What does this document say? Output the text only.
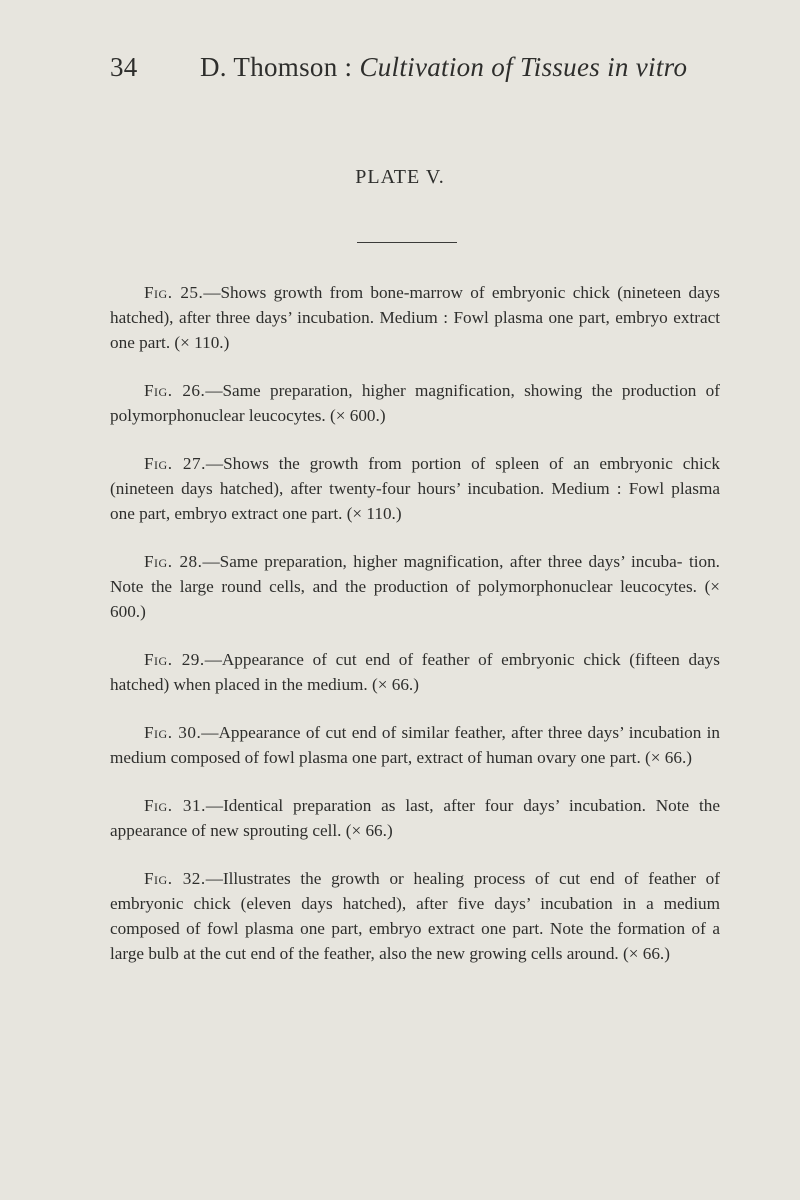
34 D. Thomson : Cultivation of Tissues in vitro
PLATE V.

Fig. 25.—Shows growth from bone-marrow of embryonic chick (nineteen days hatched), after three days’ incubation. Medium : Fowl plasma one part, embryo extract one part. (× 110.)

Fig. 26.—Same preparation, higher magnification, showing the production of polymorphonuclear leucocytes. (× 600.)

Fig. 27.—Shows the growth from portion of spleen of an embryonic chick (nineteen days hatched), after twenty-four hours’ incubation. Medium : Fowl plasma one part, embryo extract one part. (× 110.)

Fig. 28.—Same preparation, higher magnification, after three days’ incuba- tion. Note the large round cells, and the production of polymorphonuclear leucocytes. (× 600.)

Fig. 29.—Appearance of cut end of feather of embryonic chick (fifteen days hatched) when placed in the medium. (× 66.)

Fig. 30.—Appearance of cut end of similar feather, after three days’ incubation in medium composed of fowl plasma one part, extract of human ovary one part. (× 66.)

Fig. 31.—Identical preparation as last, after four days’ incubation. Note the appearance of new sprouting cell. (× 66.)

Fig. 32.—Illustrates the growth or healing process of cut end of feather of embryonic chick (eleven days hatched), after five days’ incubation in a medium composed of fowl plasma one part, embryo extract one part. Note the formation of a large bulb at the cut end of the feather, also the new growing cells around. (× 66.)
